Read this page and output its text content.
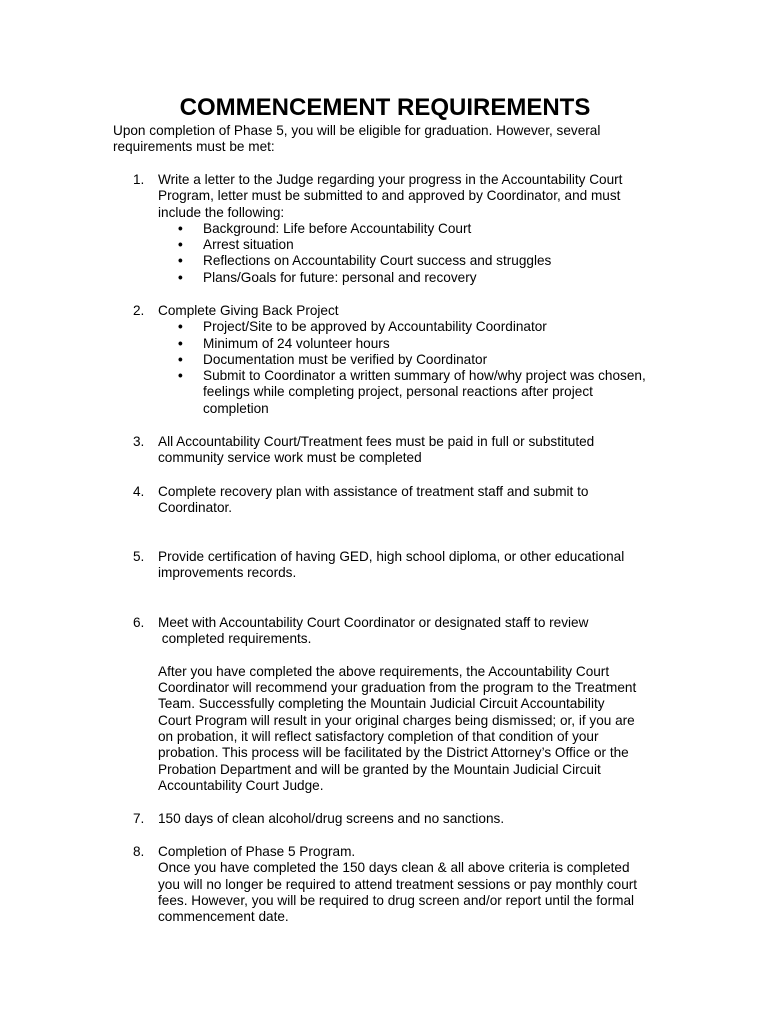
COMMENCEMENT REQUIREMENTS
Upon completion of Phase 5, you will be eligible for graduation. However, several requirements must be met:
1.	Write a letter to the Judge regarding your progress in the Accountability Court
Program, letter must be submitted to and approved by Coordinator, and must
include the following:
• Background: Life before Accountability Court
• Arrest situation
• Reflections on Accountability Court success and struggles
• Plans/Goals for future: personal and recovery
2.	Complete Giving Back Project
• Project/Site to be approved by Accountability Coordinator
• Minimum of 24 volunteer hours
• Documentation must be verified by Coordinator
• Submit to Coordinator a written summary of how/why project was chosen,
feelings while completing project, personal reactions after project
completion
3.	All Accountability Court/Treatment fees must be paid in full or substituted
community service work must be completed
4.	Complete recovery plan with assistance of treatment staff and submit to
Coordinator.
5.	Provide certification of having GED, high school diploma, or other educational
improvements records.
6.	Meet with Accountability Court Coordinator or designated staff to review
completed requirements.
After you have completed the above requirements, the Accountability Court
Coordinator will recommend your graduation from the program to the Treatment
Team. Successfully completing the Mountain Judicial Circuit Accountability
Court Program will result in your original charges being dismissed; or, if you are
on probation, it will reflect satisfactory completion of that condition of your
probation. This process will be facilitated by the District Attorney’s Office or the
Probation Department and will be granted by the Mountain Judicial Circuit
Accountability Court Judge.
7.	150 days of clean alcohol/drug screens and no sanctions.
8.	Completion of Phase 5 Program.
Once you have completed the 150 days clean & all above criteria is completed
you will no longer be required to attend treatment sessions or pay monthly court
fees. However, you will be required to drug screen and/or report until the formal
commencement date.
